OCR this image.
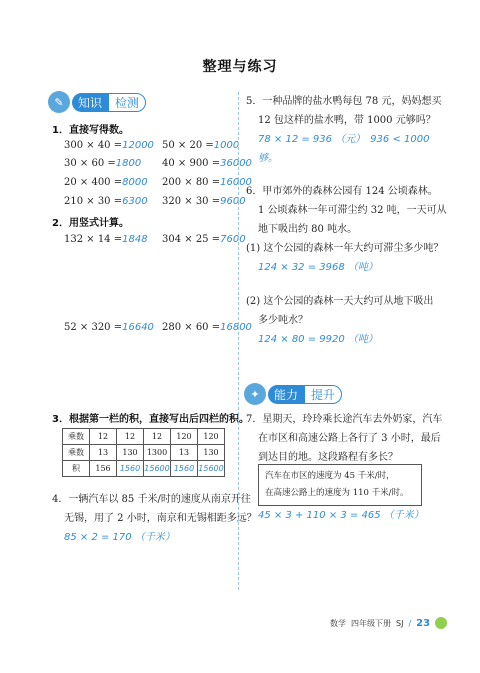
整理与练习
✎	知识	检测
1．直接写得数。
300 × 40 =12000 50 × 20 =1000
30 × 60 =1800 40 × 900 =36000
20 × 400 =8000 200 × 80 =16000
210 × 30 =6300 320 × 30 =9600
2．用竖式计算。
132 × 14 =1848 304 × 25 =7600
52 × 320 =16640 280 × 60 =16800
3．根据第一栏的积，直接写出后四栏的积。
乘数	12	12	12	120	120
乘数	13	130	1300	13	130
积	156	1560	15600	1560	15600
4．一辆汽车以 85 千米/时的速度从南京开往
无锡，用了 2 小时，南京和无锡相距多远？
85 × 2 = 170 （千米）
5．一种品牌的盐水鸭每包 78 元，妈妈想买
12 包这样的盐水鸭，带 1000 元够吗？
78 × 12 = 936 （元）　936 < 1000
够。
6．甲市郊外的森林公园有 124 公顷森林。
1 公顷森林一年可滞尘约 32 吨，一天可从
地下吸出约 80 吨水。
(1) 这个公园的森林一年大约可滞尘多少吨？
124 × 32 = 3968 （吨）
(2) 这个公园的森林一天大约可从地下吸出
多少吨水？
124 × 80 = 9920 （吨）
✦	能力	提升
7．星期天，玲玲乘长途汽车去外奶家，汽车
在市区和高速公路上各行了 3 小时，最后
到达目的地。这段路程有多长？
汽车在市区的速度为 45 千米/时，
在高速公路上的速度为 110 千米/时。
45 × 3 + 110 × 3 = 465 （千米）
数学 四年级下册 SJ / 23
